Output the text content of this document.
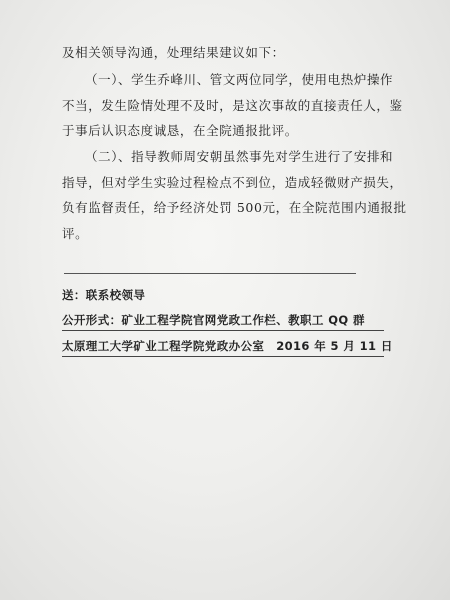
及相关领导沟通，处理结果建议如下：
（一）、学生乔峰川、管文两位同学，使用电热炉操作
不当，发生险情处理不及时，是这次事故的直接责任人，鉴
于事后认识态度诚恳，在全院通报批评。
（二）、指导教师周安朝虽然事先对学生进行了安排和
指导，但对学生实验过程检点不到位，造成轻微财产损失，
负有监督责任，给予经济处罚 500元，在全院范围内通报批
评。
送：联系校领导
公开形式：矿业工程学院官网党政工作栏、教职工 QQ 群
太原理工大学矿业工程学院党政办公室　2016 年 5 月 11 日
